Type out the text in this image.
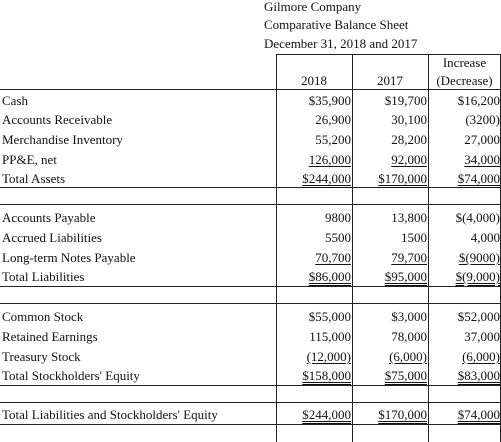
Gilmore Company
Comparative Balance Sheet
December 31, 2018 and 2017
2018	2017
Increase
(Decrease)
Cash	$35,900	$19,700 $16,200
Accounts Receivable	26,900	30,100	(3200)
Merchandise Inventory	55,200	28,200	27,000
PP&E, net	126,000	92,000	34,000
Total Assets	$244,000 $170,000 $74,000
Accounts Payable	9800	13,800 $(4,000)
Accrued Liabilities	5500	1500	4,000
Long-term Notes Payable	70,700	79,700 $(9000)
Total Liabilities	$86,000	$95,000 $(9,000)
Common Stock	$55,000	$3,000 $52,000
Retained Earnings	115,000	78,000	37,000
Treasury Stock	(12,000)	(6,000)	(6,000)
Total Stockholders' Equity	$158,000	$75,000 $83,000
Total Liabilities and Stockholders' Equity	$244,000 $170,000 $74,000
